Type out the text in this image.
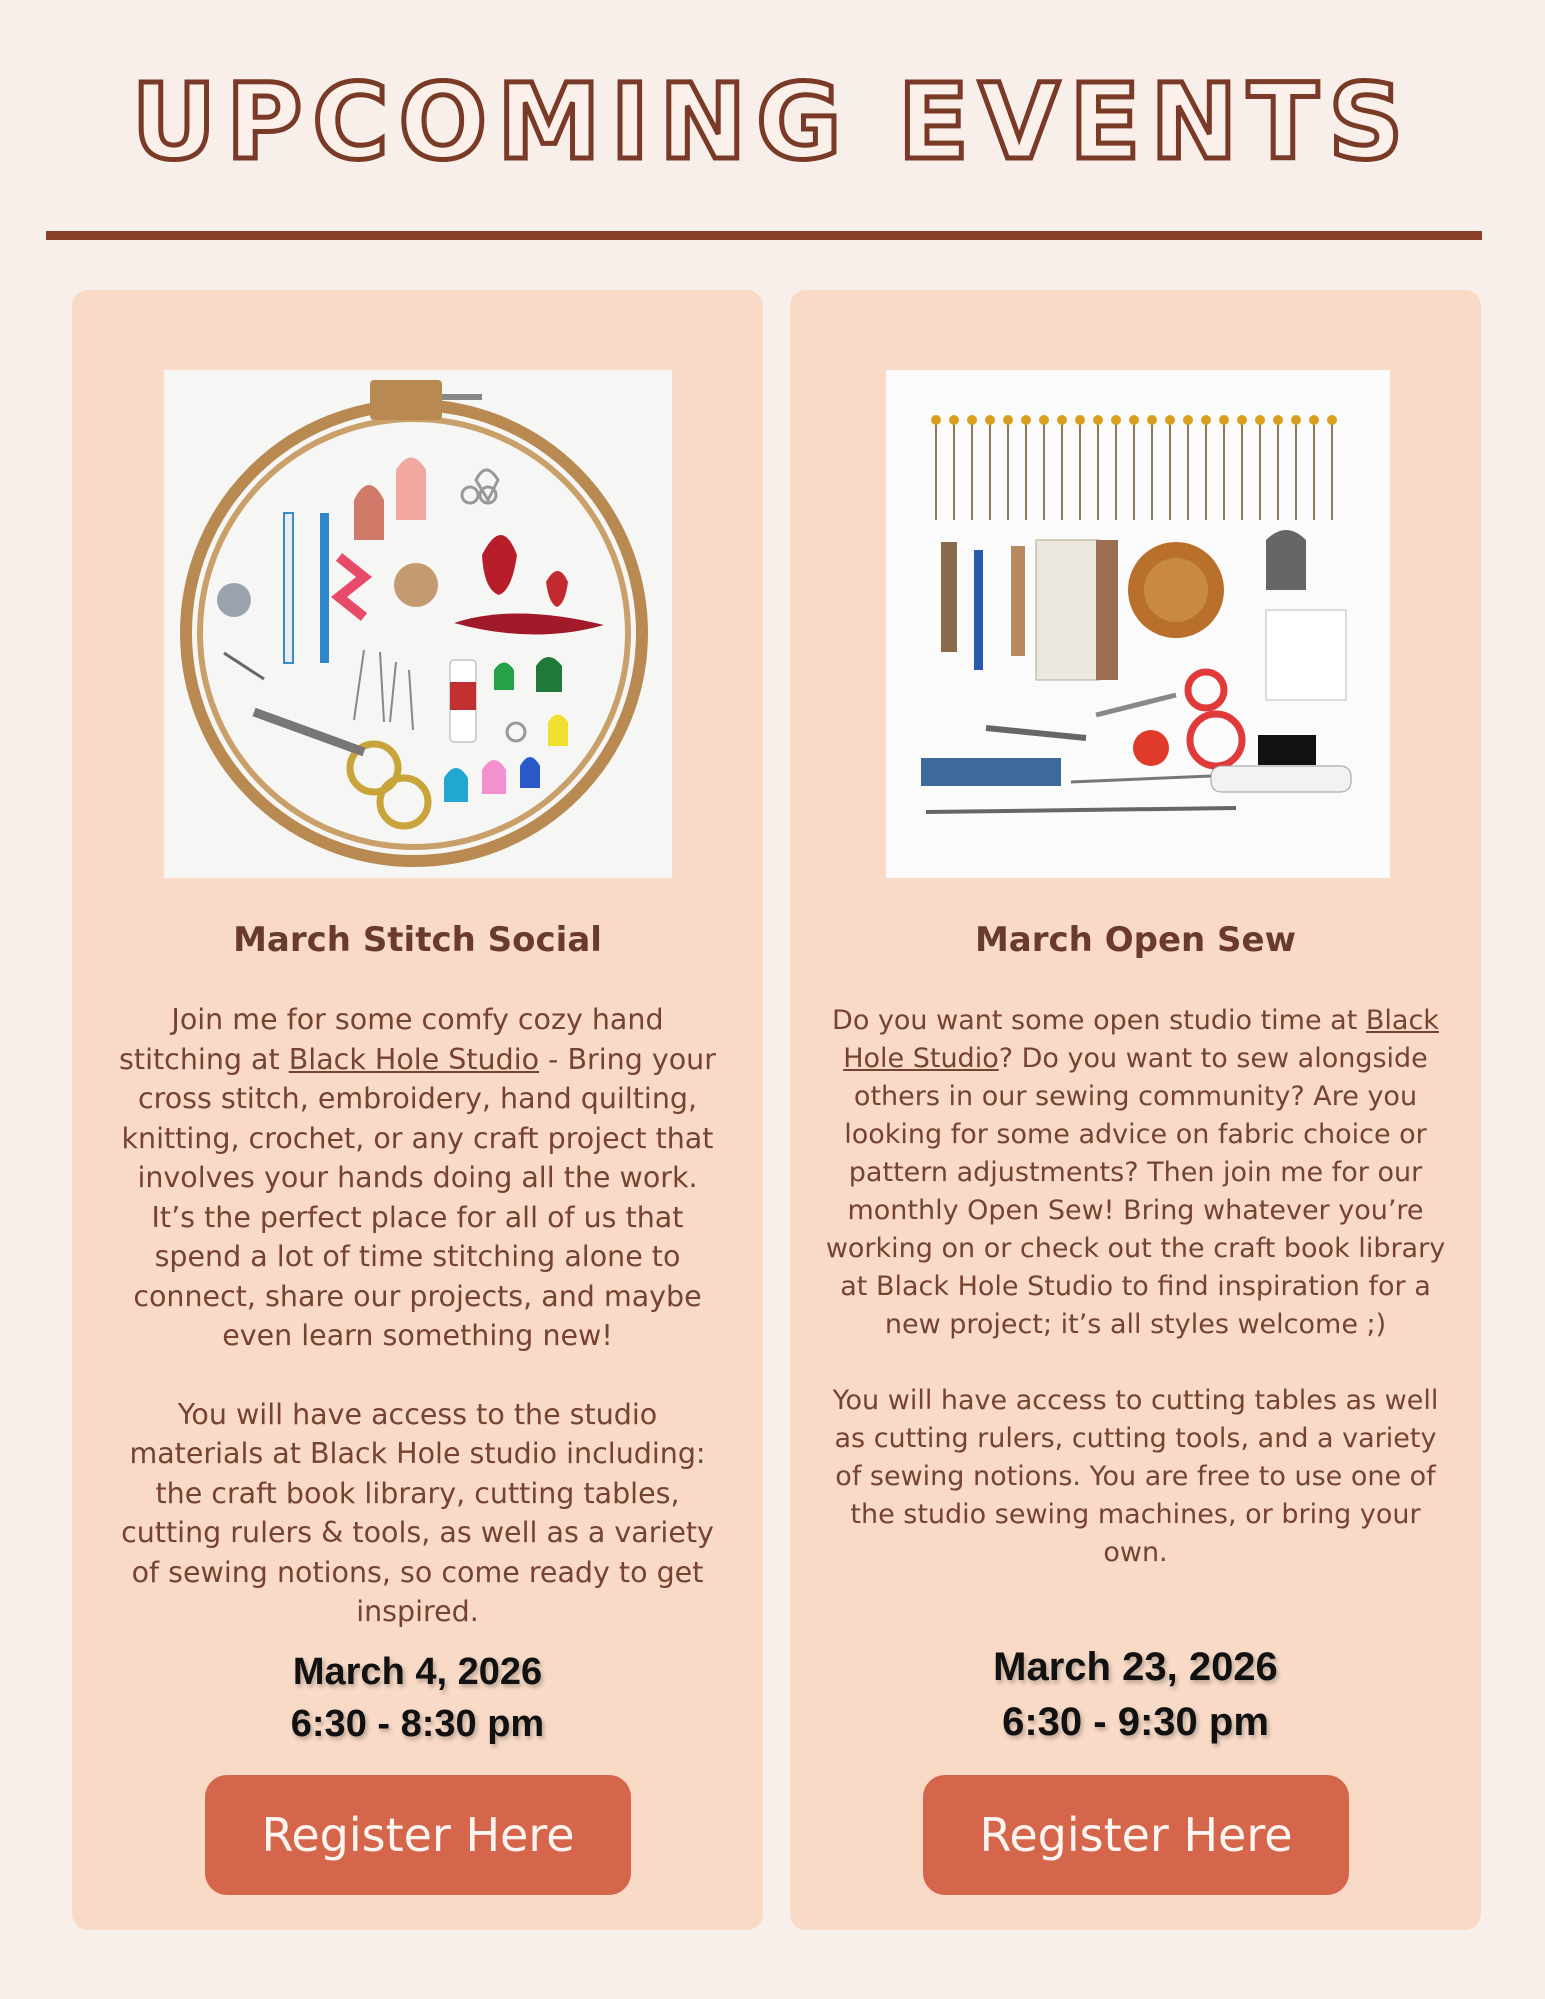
UPCOMING EVENTS
March Stitch Social

Join me for some comfy cozy hand stitching at Black Hole Studio - Bring your cross stitch, embroidery, hand quilting, knitting, crochet, or any craft project that involves your hands doing all the work. It’s the perfect place for all of us that spend a lot of time stitching alone to connect, share our projects, and maybe even learn something new!

You will have access to the studio materials at Black Hole studio including: the craft book library, cutting tables, cutting rulers & tools, as well as a variety of sewing notions, so come ready to get inspired.

March 4, 2026
6:30 - 8:30 pm
Register Here
March Open Sew

Do you want some open studio time at Black Hole Studio? Do you want to sew alongside others in our sewing community? Are you looking for some advice on fabric choice or pattern adjustments? Then join me for our monthly Open Sew! Bring whatever you’re working on or check out the craft book library at Black Hole Studio to find inspiration for a new project; it’s all styles welcome ;)

You will have access to cutting tables as well as cutting rulers, cutting tools, and a variety of sewing notions. You are free to use one of the studio sewing machines, or bring your own.

March 23, 2026
6:30 - 9:30 pm
Register Here
